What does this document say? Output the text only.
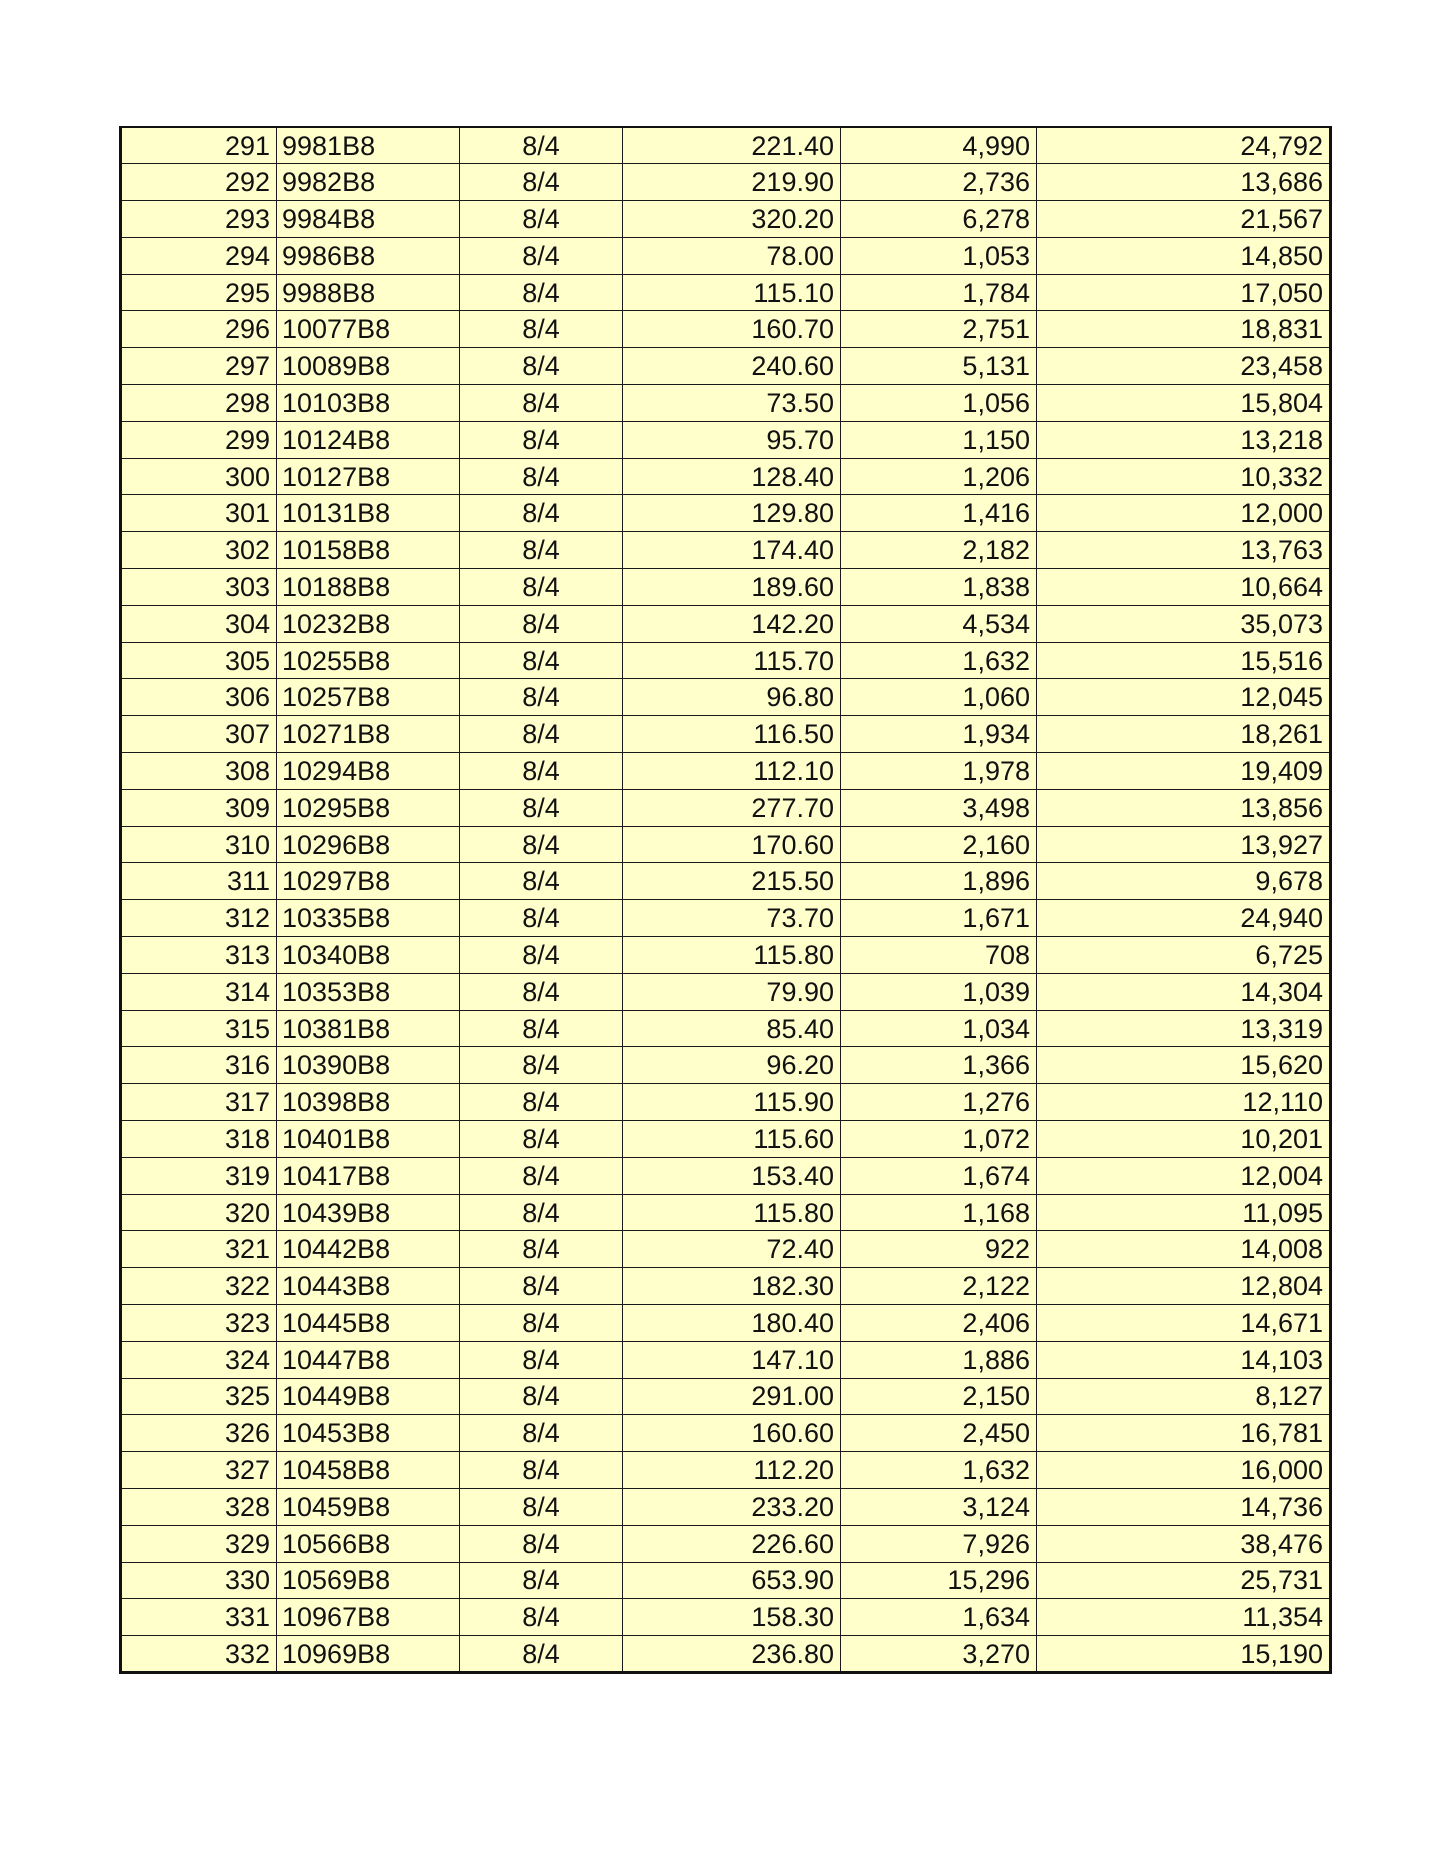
291	9981B8	8/4	221.40	4,990	24,792
292	9982B8	8/4	219.90	2,736	13,686
293	9984B8	8/4	320.20	6,278	21,567
294	9986B8	8/4	78.00	1,053	14,850
295	9988B8	8/4	115.10	1,784	17,050
296	10077B8	8/4	160.70	2,751	18,831
297	10089B8	8/4	240.60	5,131	23,458
298	10103B8	8/4	73.50	1,056	15,804
299	10124B8	8/4	95.70	1,150	13,218
300	10127B8	8/4	128.40	1,206	10,332
301	10131B8	8/4	129.80	1,416	12,000
302	10158B8	8/4	174.40	2,182	13,763
303	10188B8	8/4	189.60	1,838	10,664
304	10232B8	8/4	142.20	4,534	35,073
305	10255B8	8/4	115.70	1,632	15,516
306	10257B8	8/4	96.80	1,060	12,045
307	10271B8	8/4	116.50	1,934	18,261
308	10294B8	8/4	112.10	1,978	19,409
309	10295B8	8/4	277.70	3,498	13,856
310	10296B8	8/4	170.60	2,160	13,927
311	10297B8	8/4	215.50	1,896	9,678
312	10335B8	8/4	73.70	1,671	24,940
313	10340B8	8/4	115.80	708	6,725
314	10353B8	8/4	79.90	1,039	14,304
315	10381B8	8/4	85.40	1,034	13,319
316	10390B8	8/4	96.20	1,366	15,620
317	10398B8	8/4	115.90	1,276	12,110
318	10401B8	8/4	115.60	1,072	10,201
319	10417B8	8/4	153.40	1,674	12,004
320	10439B8	8/4	115.80	1,168	11,095
321	10442B8	8/4	72.40	922	14,008
322	10443B8	8/4	182.30	2,122	12,804
323	10445B8	8/4	180.40	2,406	14,671
324	10447B8	8/4	147.10	1,886	14,103
325	10449B8	8/4	291.00	2,150	8,127
326	10453B8	8/4	160.60	2,450	16,781
327	10458B8	8/4	112.20	1,632	16,000
328	10459B8	8/4	233.20	3,124	14,736
329	10566B8	8/4	226.60	7,926	38,476
330	10569B8	8/4	653.90	15,296	25,731
331	10967B8	8/4	158.30	1,634	11,354
332	10969B8	8/4	236.80	3,270	15,190
